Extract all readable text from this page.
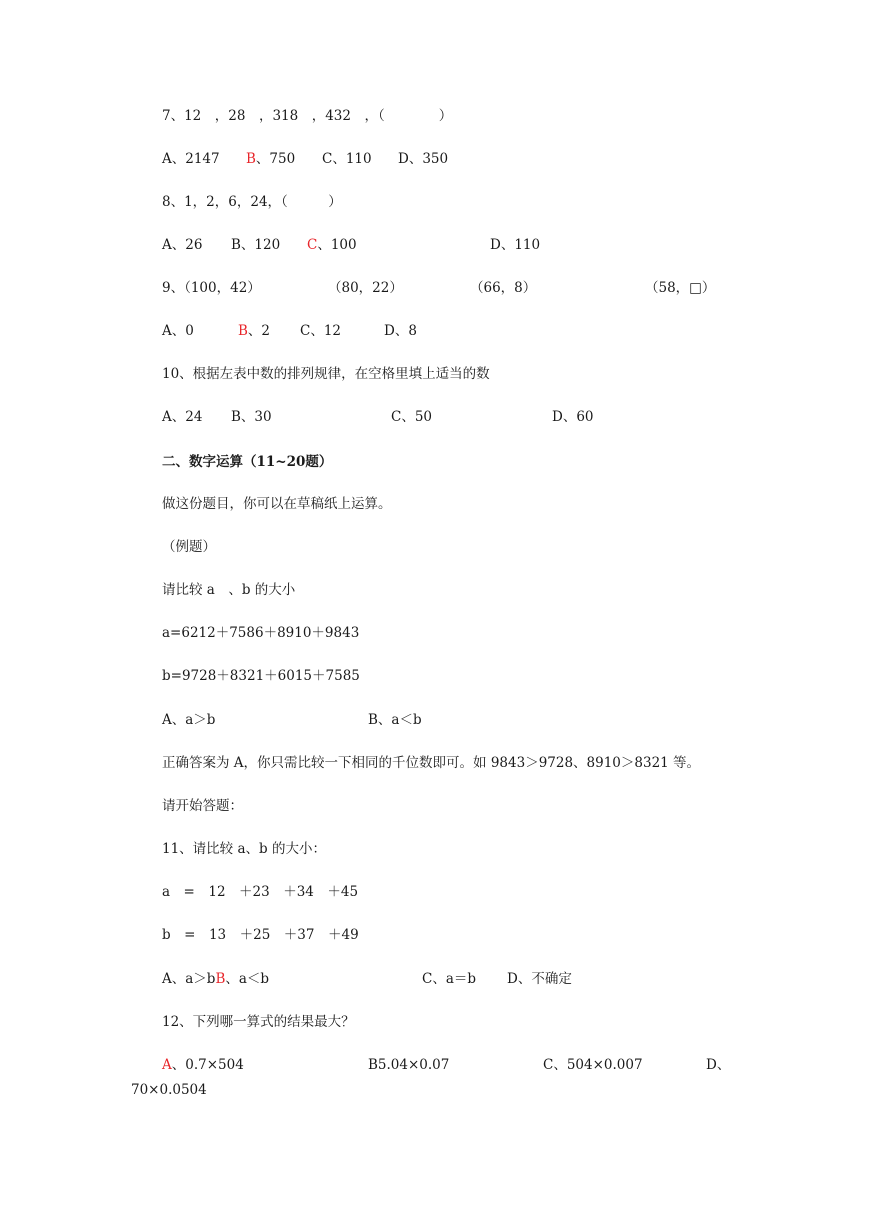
7、12　，28　，318　，432　，（　　　　）
A、2147 B、750 C、110 D、350
8、1，2，6，24，（　　　）
A、26 B、120 C、100	D、110
9、（100，42）	（80，22）	（66，8）	（58，□）
A、0	B、2 C、12	D、8
10、根据左表中数的排列规律，在空格里填上适当的数
A、24 B、30	C、50	D、60
二、数字运算（11~20题）
做这份题目，你可以在草稿纸上运算。
（例题）
请比较 a　、b 的大小
a=6212＋7586＋8910＋9843
b=9728＋8321＋6015＋7585
A、a＞b	B、a＜b
正确答案为 A，你只需比较一下相同的千位数即可。如 9843＞9728、8910＞8321 等。
请开始答题：
11、请比较 a、b 的大小：
a　=　12　＋23　＋34　＋45
b　=　13　＋25　＋37　＋49
A、a＞bB、a＜b	C、a＝b D、不确定
12、下列哪一算式的结果最大？
A、0.7×504	B5.04×0.07	C、504×0.007	D、
70×0.0504
